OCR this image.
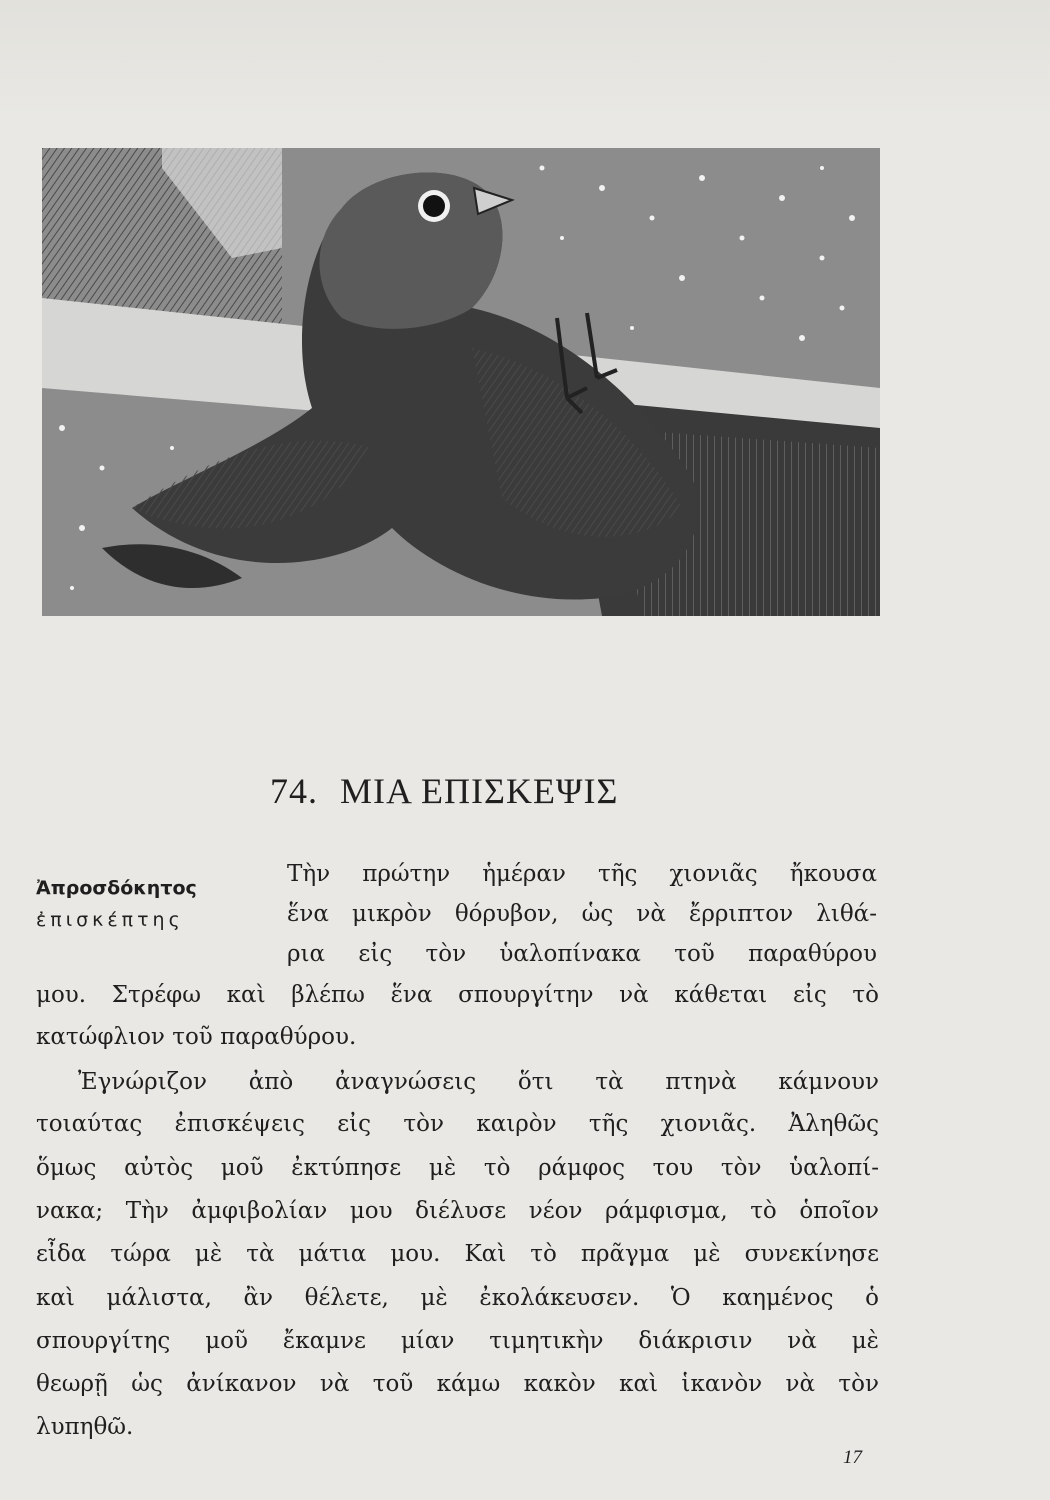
74. ΜΙΑ ΕΠΙΣΚΕΨΙΣ
Ἀπροσδόκητος
ἐπισκέπτης
Τὴν πρώτην ἡμέραν τῆς χιονιᾶς ἤκουσα
ἕνα μικρὸν θόρυβον, ὡς νὰ ἔρριπτον λιθά-
ρια εἰς τὸν ὑαλοπίνακα τοῦ παραθύρου
μου. Στρέφω καὶ βλέπω ἕνα σπουργίτην νὰ κάθεται εἰς τὸ
κατώφλιον τοῦ παραθύρου.
Ἐγνώριζον ἀπὸ ἀναγνώσεις ὅτι τὰ πτηνὰ κάμνουν
τοιαύτας ἐπισκέψεις εἰς τὸν καιρὸν τῆς χιονιᾶς. Ἀληθῶς
ὅμως αὐτὸς μοῦ ἐκτύπησε μὲ τὸ ράμφος του τὸν ὑαλοπί-
νακα; Τὴν ἀμφιβολίαν μου διέλυσε νέον ράμφισμα, τὸ ὁποῖον
εἶδα τώρα μὲ τὰ μάτια μου. Καὶ τὸ πρᾶγμα μὲ συνεκίνησε
καὶ μάλιστα, ἂν θέλετε, μὲ ἐκολάκευσεν. Ὁ καημένος ὁ
σπουργίτης μοῦ ἔκαμνε μίαν τιμητικὴν διάκρισιν νὰ μὲ
θεωρῇ ὡς ἀνίκανον νὰ τοῦ κάμω κακὸν καὶ ἱκανὸν νὰ τὸν
λυπηθῶ.
17
